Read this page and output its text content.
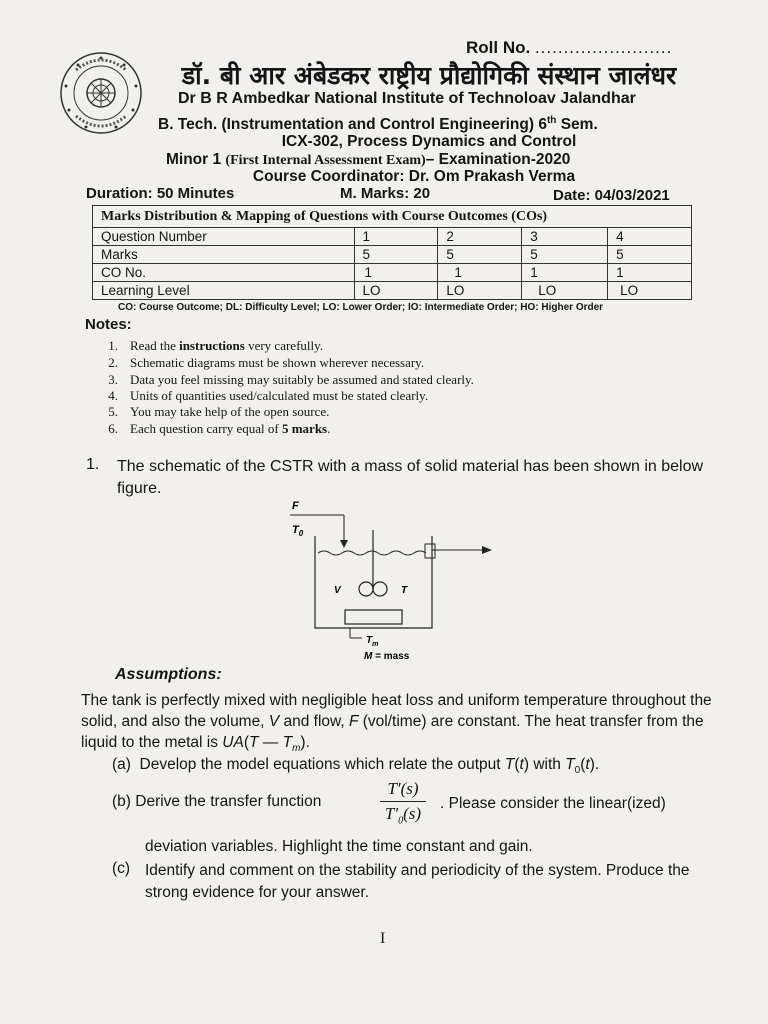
Roll No. ........................
डॉ. बी आर अंबेडकर राष्ट्रीय प्रौद्योगिकी संस्थान जालंधर
Dr B R Ambedkar National Institute of Technoloav Jalandhar
B. Tech. (Instrumentation and Control Engineering) 6th Sem.
ICX-302, Process Dynamics and Control
Minor 1 (First Internal Assessment Exam)– Examination-2020
Course Coordinator: Dr. Om Prakash Verma
Duration: 50 Minutes	M. Marks: 20	Date: 04/03/2021
Marks Distribution & Mapping of Questions with Course Outcomes (COs)				
Question Number	1	2	3	4
Marks	5	5	5	5
CO No.	1	1	1	1
Learning Level	LO	LO	LO	LO
CO: Course Outcome; DL: Difficulty Level; LO: Lower Order; IO: Intermediate Order; HO: Higher Order
Notes:
1. Read the instructions very carefully.
2. Schematic diagrams must be shown wherever necessary.
3. Data you feel missing may suitably be assumed and stated clearly.
4. Units of quantities used/calculated must be stated clearly.
5. You may take help of the open source.
6. Each question carry equal of 5 marks.
1. The schematic of the CSTR with a mass of solid material has been shown in below figure.
F
$T_0$
V	T
$T_m$
M = mass
Assumptions:
The tank is perfectly mixed with negligible heat loss and uniform temperature throughout the solid, and also the volume, V and flow, F (vol/time) are constant. The heat transfer from the liquid to the metal is UA(T — $T_m$).
(a)  Develop the model equations which relate the output T(t) with $T_0(t)$.
(b) Derive the transfer function
T′(s)
$T'_0(s)$
. Please consider the linear(ized)
deviation variables. Highlight the time constant and gain.
(c) Identify and comment on the stability and periodicity of the system. Produce the strong evidence for your answer.
I
